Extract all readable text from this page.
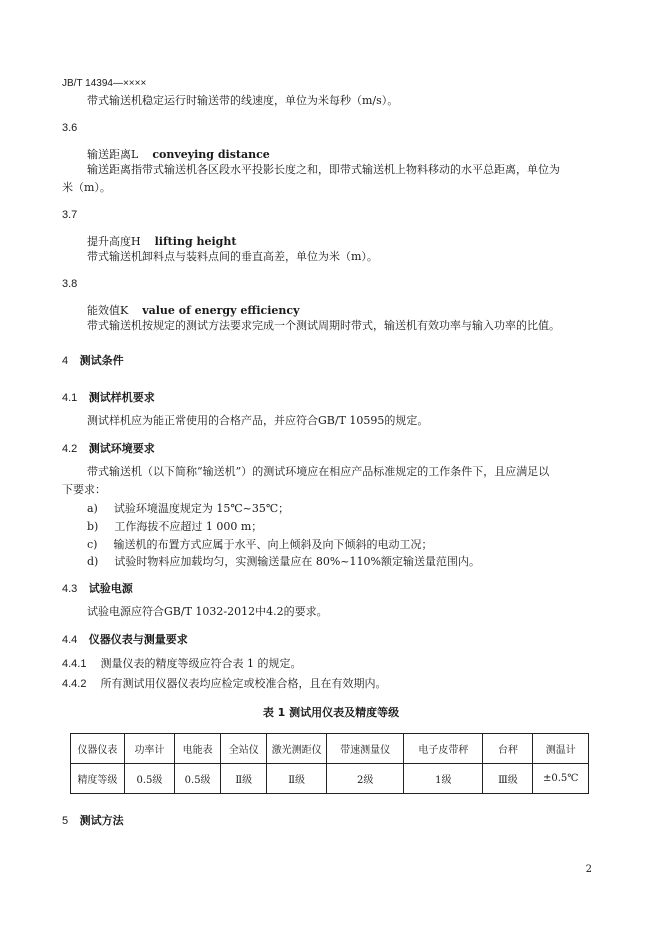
JB/T 14394—××××
带式输送机稳定运行时输送带的线速度，单位为米每秒（m/s）。
3.6
输送距离L conveying distance
输送距离指带式输送机各区段水平投影长度之和，即带式输送机上物料移动的水平总距离，单位为
米（m）。
3.7
提升高度H lifting height
带式输送机卸料点与装料点间的垂直高差，单位为米（m）。
3.8
能效值K value of energy efficiency
带式输送机按规定的测试方法要求完成一个测试周期时带式，输送机有效功率与输入功率的比值。
4 测试条件
4.1 测试样机要求
测试样机应为能正常使用的合格产品，并应符合GB/T 10595的规定。
4.2 测试环境要求
带式输送机（以下简称“输送机”）的测试环境应在相应产品标准规定的工作条件下，且应满足以
下要求：
a) 试验环境温度规定为 15℃~35℃；
b) 工作海拔不应超过 1 000 m；
c) 输送机的布置方式应属于水平、向上倾斜及向下倾斜的电动工况；
d) 试验时物料应加载均匀，实测输送量应在 80%~110%额定输送量范围内。
4.3 试验电源
试验电源应符合GB/T 1032-2012中4.2的要求。
4.4 仪器仪表与测量要求
4.4.1 测量仪表的精度等级应符合表 1 的规定。
4.4.2 所有测试用仪器仪表均应检定或校准合格，且在有效期内。
表 1 测试用仪表及精度等级
仪器仪表	功率计	电能表	全站仪	激光测距仪	带速测量仪	电子皮带秤	台秤	测温计
精度等级	0.5级	0.5级	Ⅱ级	Ⅱ级	2级	1级	Ⅲ级	±0.5℃
5 测试方法
2
